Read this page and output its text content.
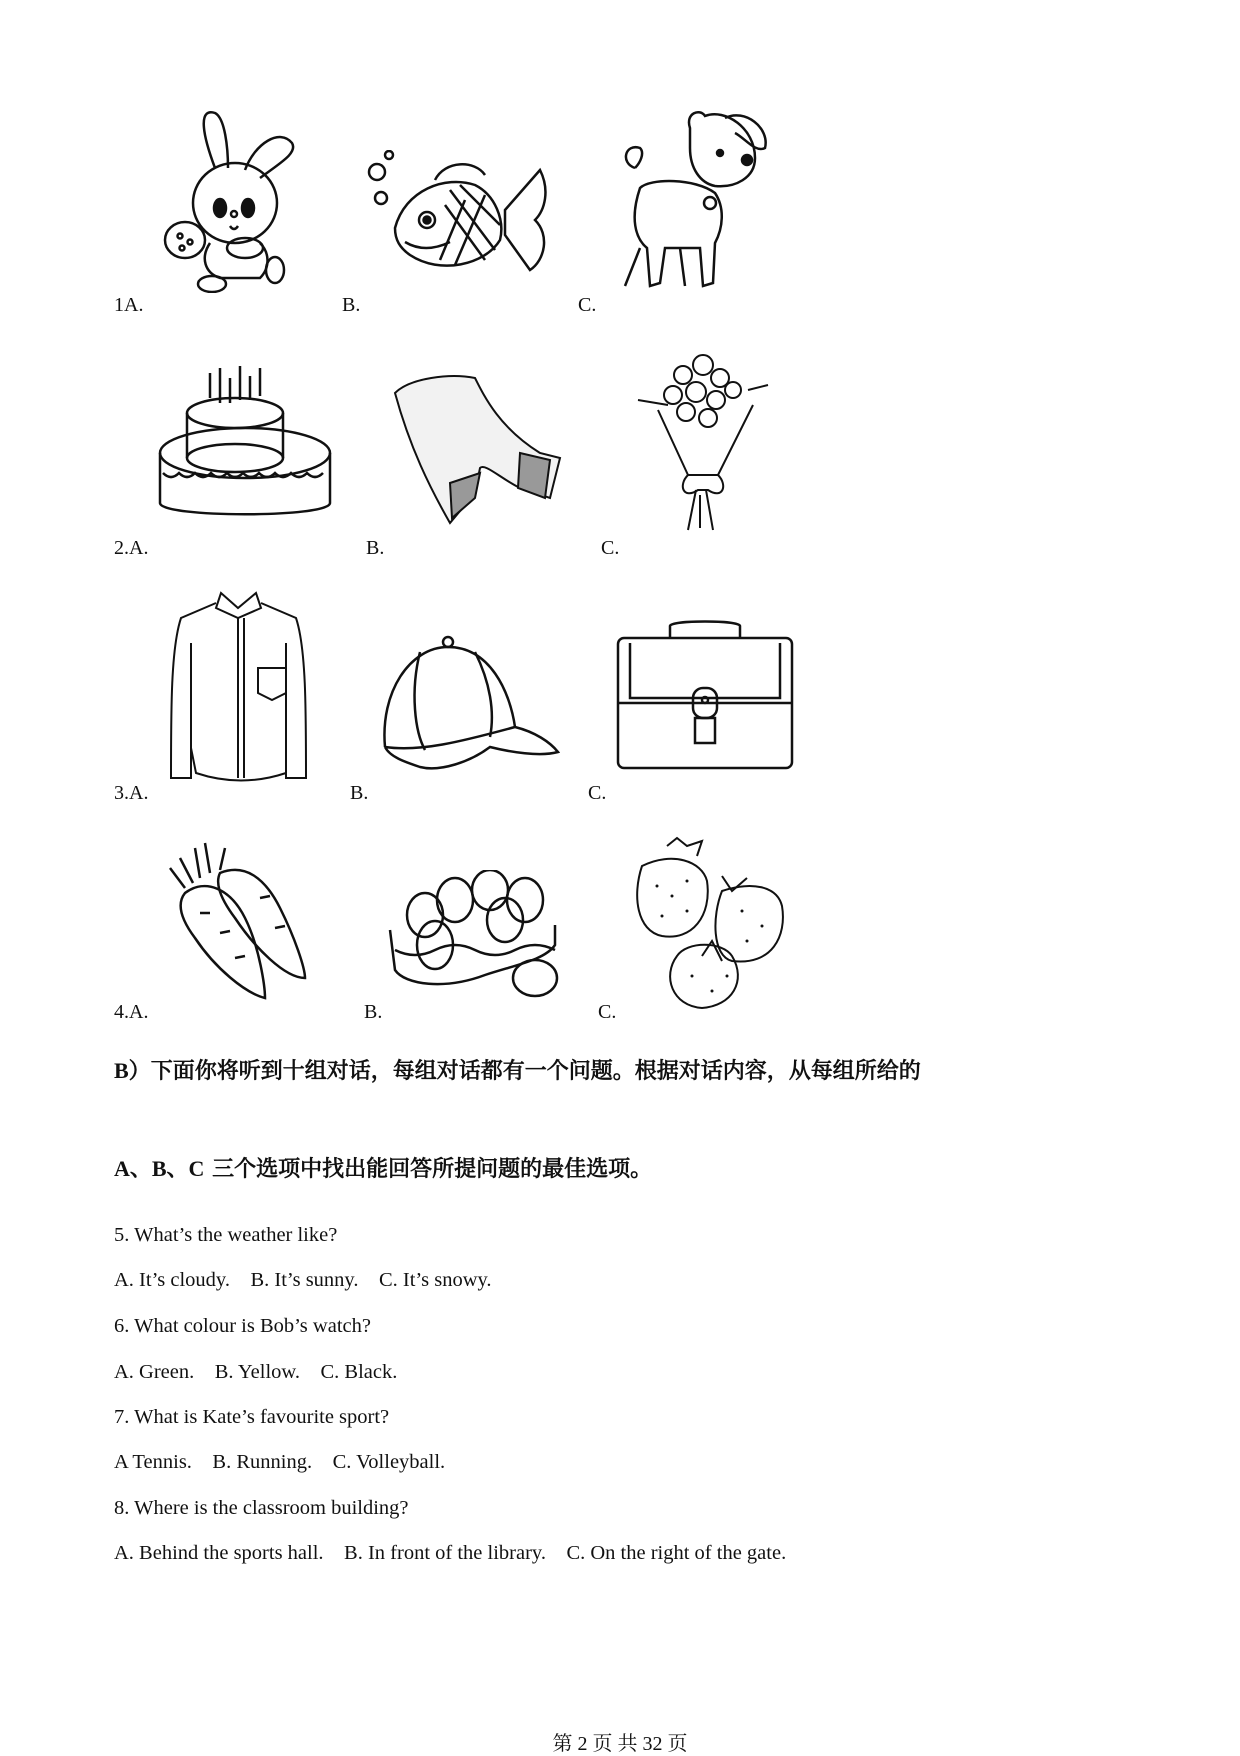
1A.	B.	C.
2.A.	B.	C.
3.A.	B.	C.
4.A.	B.	C.
B）下面你将听到十组对话，每组对话都有一个问题。根据对话内容，从每组所给的
A、B、C 三个选项中找出能回答所提问题的最佳选项。
5. What’s the weather like?
A. It’s cloudy.    B. It’s sunny.    C. It’s snowy.
6. What colour is Bob’s watch?
A. Green.    B. Yellow.    C. Black.
7. What is Kate’s favourite sport?
A Tennis.    B. Running.    C. Volleyball.
8. Where is the classroom building?
A. Behind the sports hall.    B. In front of the library.    C. On the right of the gate.
第 2 页 共 32 页
